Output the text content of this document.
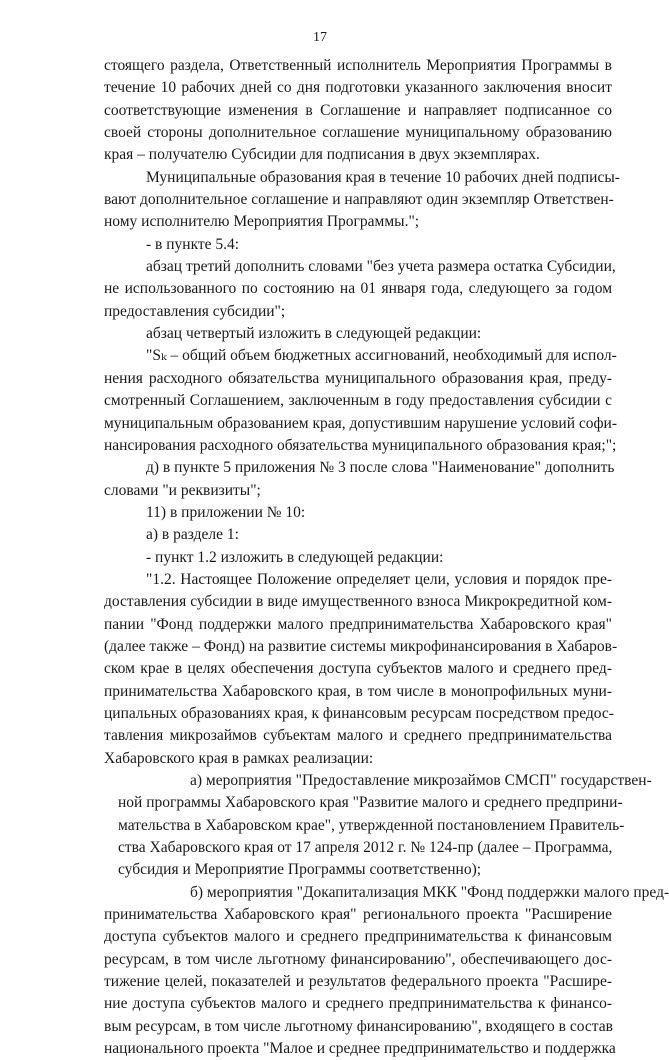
17
стоящего раздела, Ответственный исполнитель Мероприятия Программы в
течение 10 рабочих дней со дня подготовки указанного заключения вносит
соответствующие изменения в Соглашение и направляет подписанное со
своей стороны дополнительное соглашение муниципальному образованию
края – получателю Субсидии для подписания в двух экземплярах.
Муниципальные образования края в течение 10 рабочих дней подписы-
вают дополнительное соглашение и направляют один экземпляр Ответствен-
ному исполнителю Мероприятия Программы.";
- в пункте 5.4:
абзац третий дополнить словами "без учета размера остатка Субсидии,
не использованного по состоянию на 01 января года, следующего за годом
предоставления субсидии";
абзац четвертый изложить в следующей редакции:
"Sₖ – общий объем бюджетных ассигнований, необходимый для испол-
нения расходного обязательства муниципального образования края, преду-
смотренный Соглашением, заключенным в году предоставления субсидии с
муниципальным образованием края, допустившим нарушение условий софи-
нансирования расходного обязательства муниципального образования края;";
д) в пункте 5 приложения № 3 после слова "Наименование" дополнить
словами "и реквизиты";
11) в приложении № 10:
а) в разделе 1:
- пункт 1.2 изложить в следующей редакции:
"1.2. Настоящее Положение определяет цели, условия и порядок пре-
доставления субсидии в виде имущественного взноса Микрокредитной ком-
пании "Фонд поддержки малого предпринимательства Хабаровского края"
(далее также – Фонд) на развитие системы микрофинансирования в Хабаров-
ском крае в целях обеспечения доступа субъектов малого и среднего пред-
принимательства Хабаровского края, в том числе в монопрофильных муни-
ципальных образованиях края, к финансовым ресурсам посредством предос-
тавления микрозаймов субъектам малого и среднего предпринимательства
Хабаровского края в рамках реализации:
а) мероприятия "Предоставление микрозаймов СМСП" государствен-
ной программы Хабаровского края "Развитие малого и среднего предприни-
мательства в Хабаровском крае", утвержденной постановлением Правитель-
ства Хабаровского края от 17 апреля 2012 г. № 124-пр (далее – Программа,
субсидия и Мероприятие Программы соответственно);
б) мероприятия "Докапитализация МКК "Фонд поддержки малого пред-
принимательства Хабаровского края" регионального проекта "Расширение
доступа субъектов малого и среднего предпринимательства к финансовым
ресурсам, в том числе льготному финансированию", обеспечивающего дос-
тижение целей, показателей и результатов федерального проекта "Расшире-
ние доступа субъектов малого и среднего предпринимательства к финансо-
вым ресурсам, в том числе льготному финансированию", входящего в состав
национального проекта "Малое и среднее предпринимательство и поддержка
